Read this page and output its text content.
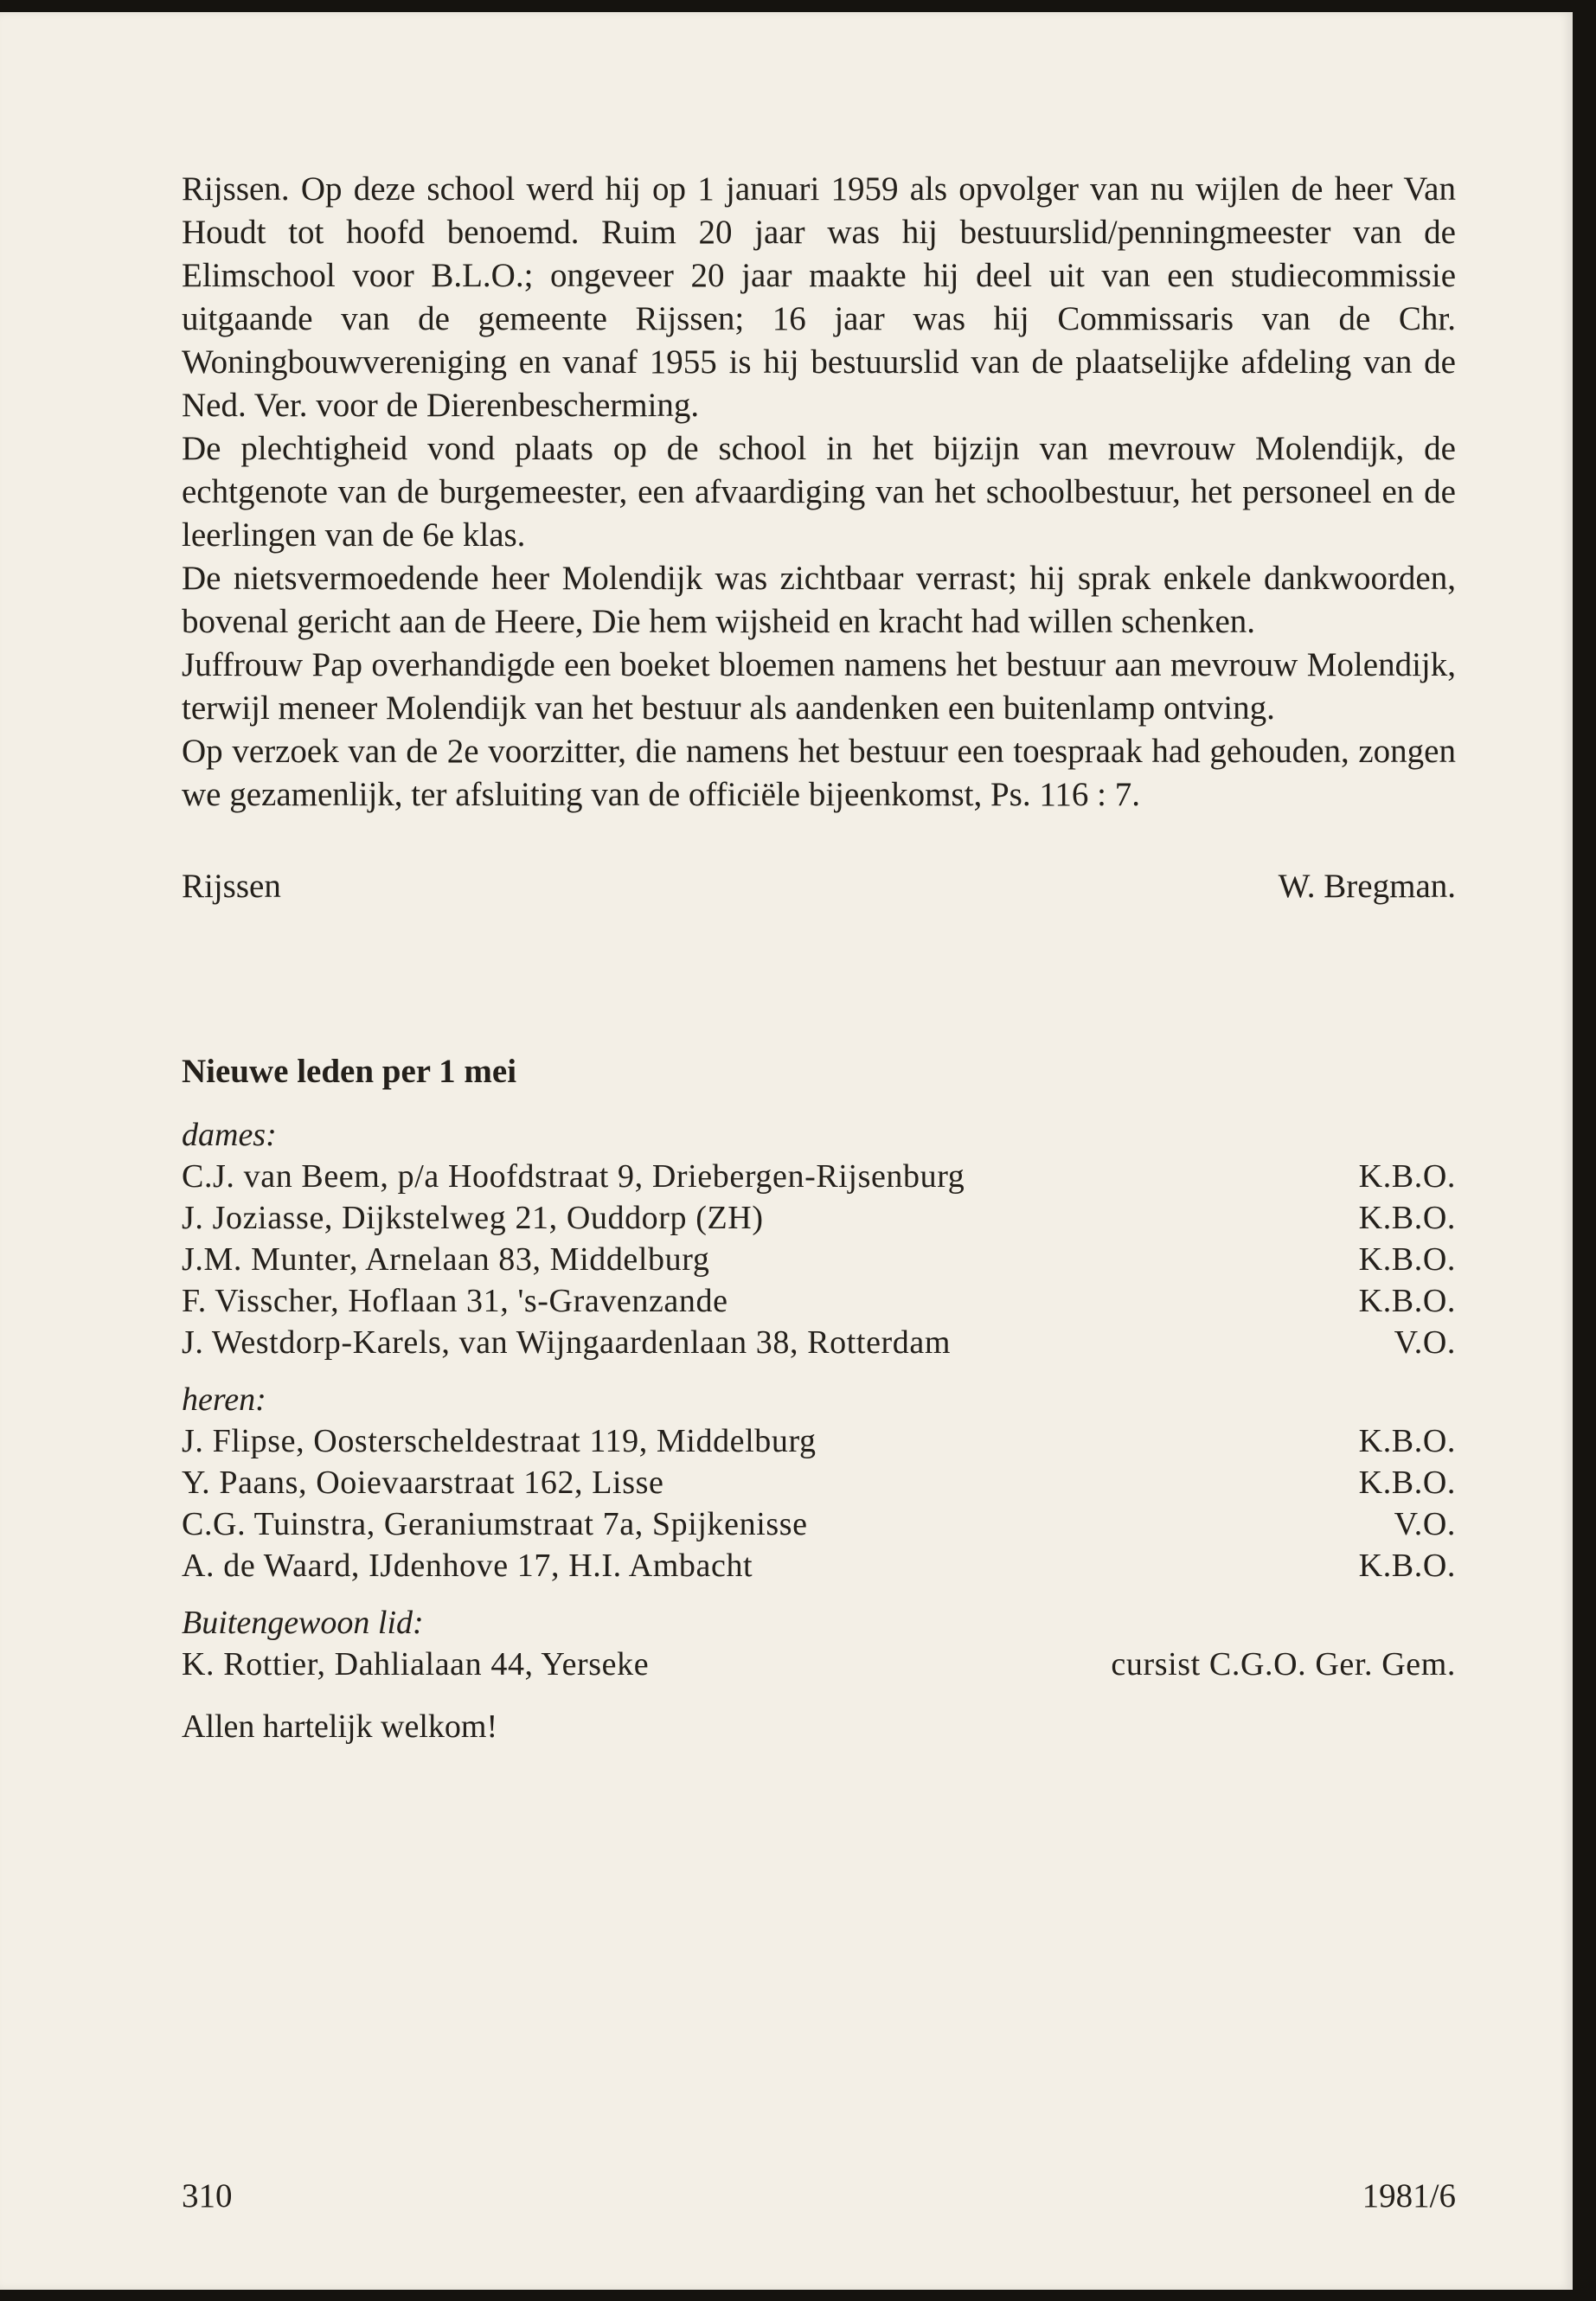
Rijssen. Op deze school werd hij op 1 januari 1959 als opvolger van nu wijlen de heer Van Houdt tot hoofd benoemd. Ruim 20 jaar was hij bestuurslid/penningmeester van de Elimschool voor B.L.O.; ongeveer 20 jaar maakte hij deel uit van een studiecommissie uitgaande van de gemeente Rijssen; 16 jaar was hij Commissaris van de Chr. Woningbouwvereniging en vanaf 1955 is hij bestuurslid van de plaatselijke afdeling van de Ned. Ver. voor de Dierenbescherming.

De plechtigheid vond plaats op de school in het bijzijn van mevrouw Molendijk, de echtgenote van de burgemeester, een afvaardiging van het schoolbestuur, het personeel en de leerlingen van de 6e klas.

De nietsvermoedende heer Molendijk was zichtbaar verrast; hij sprak enkele dankwoorden, bovenal gericht aan de Heere, Die hem wijsheid en kracht had willen schenken.

Juffrouw Pap overhandigde een boeket bloemen namens het bestuur aan mevrouw Molendijk, terwijl meneer Molendijk van het bestuur als aandenken een buitenlamp ontving.

Op verzoek van de 2e voorzitter, die namens het bestuur een toespraak had gehouden, zongen we gezamenlijk, ter afsluiting van de officiële bijeenkomst, Ps. 116 : 7.

Rijssen	W. Bregman.
Nieuwe leden per 1 mei
dames:
C.J. van Beem, p/a Hoofdstraat 9, Driebergen-Rijsenburg	K.B.O.
J. Joziasse, Dijkstelweg 21, Ouddorp (ZH)	K.B.O.
J.M. Munter, Arnelaan 83, Middelburg	K.B.O.
F. Visscher, Hoflaan 31, 's-Gravenzande	K.B.O.
J. Westdorp-Karels, van Wijngaardenlaan 38, Rotterdam	V.O.
heren:
J. Flipse, Oosterscheldestraat 119, Middelburg	K.B.O.
Y. Paans, Ooievaarstraat 162, Lisse	K.B.O.
C.G. Tuinstra, Geraniumstraat 7a, Spijkenisse	V.O.
A. de Waard, IJdenhove 17, H.I. Ambacht	K.B.O.
Buitengewoon lid:
K. Rottier, Dahlialaan 44, Yerseke	cursist C.G.O. Ger. Gem.
Allen hartelijk welkom!
310	1981/6
